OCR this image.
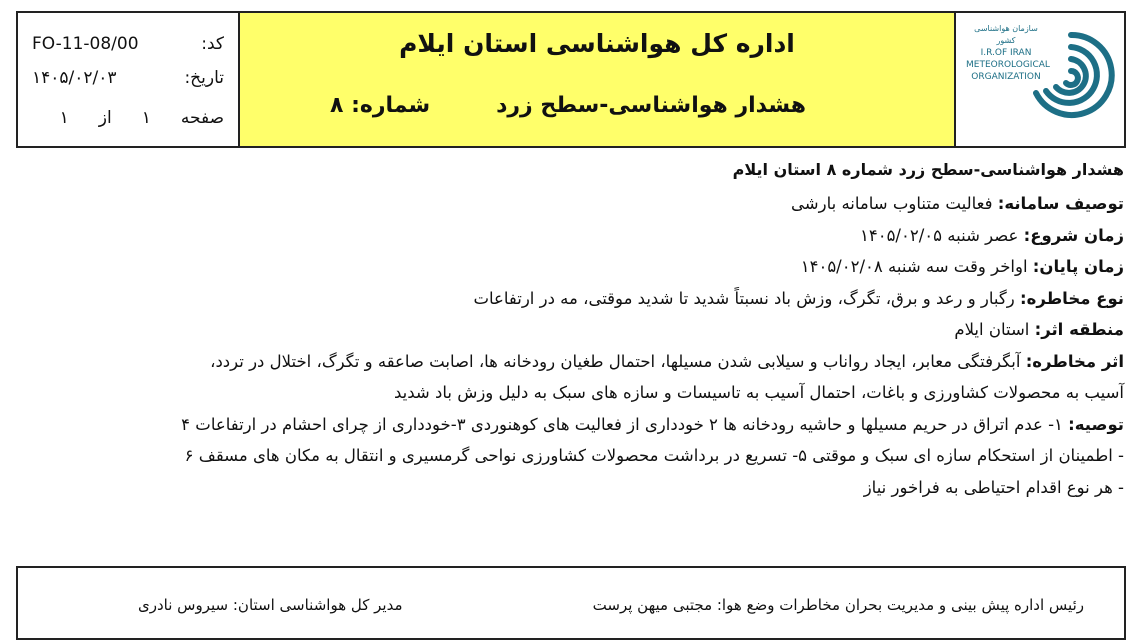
کد:
FO-11-08/00
تاریخ:
۱۴۰۵/۰۲/۰۳
صفحه
۱
از
۱
اداره کل هواشناسی استان ایلام
هشدار هواشناسی-سطح زرد
شماره: ۸
سازمان هواشناسی کشور
I.R.OF IRAN
METEOROLOGICAL
ORGANIZATION
هشدار هواشناسی-سطح زرد شماره ۸ استان ایلام
توصیف سامانه: فعالیت متناوب سامانه بارشی
زمان شروع: عصر شنبه ۱۴۰۵/۰۲/۰۵
زمان پایان: اواخر وقت سه شنبه ۱۴۰۵/۰۲/۰۸
نوع مخاطره: رگبار و رعد و برق، تگرگ، وزش باد نسبتاً شدید تا شدید موقتی، مه در ارتفاعات
منطقه اثر: استان ایلام
اثر مخاطره: آبگرفتگی معابر، ایجاد رواناب و سیلابی شدن مسیلها، احتمال طغیان رودخانه ها، اصابت صاعقه و تگرگ، اختلال در تردد،
آسیب به محصولات کشاورزی و باغات، احتمال آسیب به تاسیسات و سازه های سبک به دلیل وزش باد شدید
توصیه: ۱- عدم اتراق در حریم مسیلها و حاشیه رودخانه ها ۲ خودداری از فعالیت های کوهنوردی ۳-خودداری از چرای احشام در ارتفاعات ۴
- اطمینان از استحکام سازه ای سبک و موقتی ۵- تسریع در برداشت محصولات کشاورزی نواحی گرمسیری و انتقال به مکان های مسقف ۶
- هر نوع اقدام احتیاطی به فراخور نیاز
رئیس اداره پیش بینی و مدیریت بحران مخاطرات وضع هوا: مجتبی میهن پرست
مدیر کل هواشناسی استان: سیروس نادری
